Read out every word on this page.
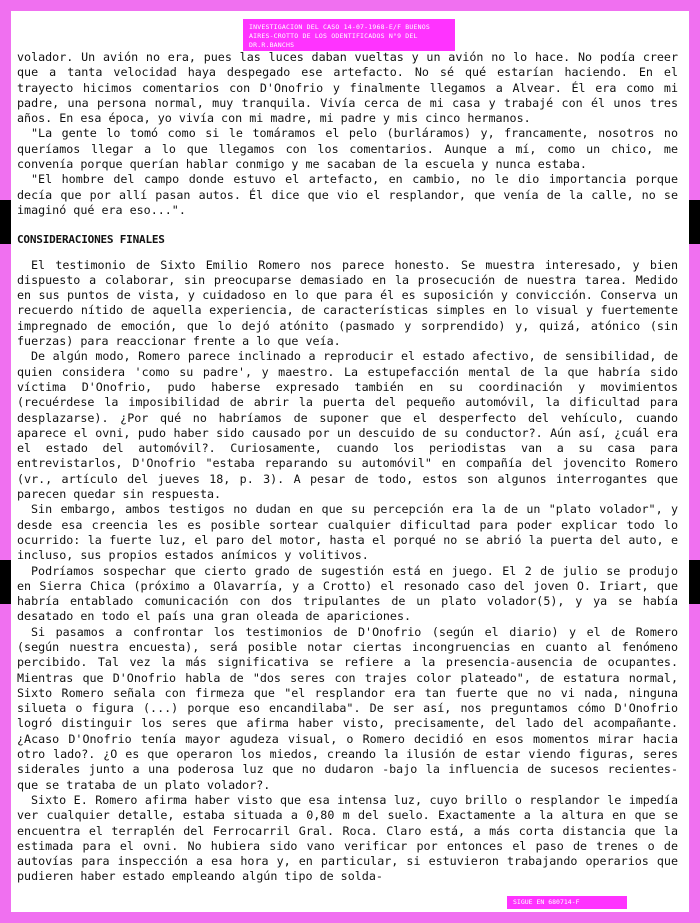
INVESTIGACION DEL CASO 14-07-1968-E/F BUENOS AIRES-CROTTO DE LOS ODENTIFICADOS N°9 DEL DR.R.BANCHS

volador. Un avión no era, pues las luces daban vueltas y un avión no lo hace. No podía creer que a tanta velocidad haya despegado ese artefacto. No sé qué estarían haciendo. En el trayecto hicimos comentarios con D'Onofrio y finalmente llegamos a Alvear. Él era como mi padre, una persona normal, muy tranquila. Vivía cerca de mi casa y trabajé con él unos tres años. En esa época, yo vivía con mi madre, mi padre y mis cinco hermanos.

"La gente lo tomó como si le tomáramos el pelo (burláramos) y, francamente, nosotros no queríamos llegar a lo que llegamos con los comentarios. Aunque a mí, como un chico, me convenía porque querían hablar conmigo y me sacaban de la escuela y nunca estaba.

"El hombre del campo donde estuvo el artefacto, en cambio, no le dio importancia porque decía que por allí pasan autos. Él dice que vio el resplandor, que venía de la calle, no se imaginó qué era eso...".

CONSIDERACIONES FINALES

El testimonio de Sixto Emilio Romero nos parece honesto. Se muestra interesado, y bien dispuesto a colaborar, sin preocuparse demasiado en la prosecución de nuestra tarea. Medido en sus puntos de vista, y cuidadoso en lo que para él es suposición y convicción. Conserva un recuerdo nítido de aquella experiencia, de características simples en lo visual y fuertemente impregnado de emoción, que lo dejó atónito (pasmado y sorprendido) y, quizá, atónico (sin fuerzas) para reaccionar frente a lo que veía.

De algún modo, Romero parece inclinado a reproducir el estado afectivo, de sensibilidad, de quien considera 'como su padre', y maestro. La estupefacción mental de la que habría sido víctima D'Onofrio, pudo haberse expresado también en su coordinación y movimientos (recuérdese la imposibilidad de abrir la puerta del pequeño automóvil, la dificultad para desplazarse). ¿Por qué no habríamos de suponer que el desperfecto del vehículo, cuando aparece el ovni, pudo haber sido causado por un descuido de su conductor?. Aún así, ¿cuál era el estado del automóvil?. Curiosamente, cuando los periodistas van a su casa para entrevistarlos, D'Onofrio "estaba reparando su automóvil" en compañía del jovencito Romero (vr., artículo del jueves 18, p. 3). A pesar de todo, estos son algunos interrogantes que parecen quedar sin respuesta.

Sin embargo, ambos testigos no dudan en que su percepción era la de un "plato volador", y desde esa creencia les es posible sortear cualquier dificultad para poder explicar todo lo ocurrido: la fuerte luz, el paro del motor, hasta el porqué no se abrió la puerta del auto, e incluso, sus propios estados anímicos y volitivos.

Podríamos sospechar que cierto grado de sugestión está en juego. El 2 de julio se produjo en Sierra Chica (próximo a Olavarría, y a Crotto) el resonado caso del joven O. Iriart, que habría entablado comunicación con dos tripulantes de un plato volador(5), y ya se había desatado en todo el país una gran oleada de apariciones.

Si pasamos a confrontar los testimonios de D'Onofrio (según el diario) y el de Romero (según nuestra encuesta), será posible notar ciertas incongruencias en cuanto al fenómeno percibido. Tal vez la más significativa se refiere a la presencia-ausencia de ocupantes. Mientras que D'Onofrio habla de "dos seres con trajes color plateado", de estatura normal, Sixto Romero señala con firmeza que "el resplandor era tan fuerte que no vi nada, ninguna silueta o figura (...) porque eso encandilaba". De ser así, nos preguntamos cómo D'Onofrio logró distinguir los seres que afirma haber visto, precisamente, del lado del acompañante. ¿Acaso D'Onofrio tenía mayor agudeza visual, o Romero decidió en esos momentos mirar hacia otro lado?. ¿O es que operaron los miedos, creando la ilusión de estar viendo figuras, seres siderales junto a una poderosa luz que no dudaron -bajo la influencia de sucesos recientes- que se trataba de un plato volador?.

Sixto E. Romero afirma haber visto que esa intensa luz, cuyo brillo o resplandor le impedía ver cualquier detalle, estaba situada a 0,80 m del suelo. Exactamente a la altura en que se encuentra el terraplén del Ferrocarril Gral. Roca. Claro está, a más corta distancia que la estimada para el ovni. No hubiera sido vano verificar por entonces el paso de trenes o de autovías para inspección a esa hora y, en particular, si estuvieron trabajando operarios que pudieren haber estado empleando algún tipo de solda-

SIGUE EN 680714-F
